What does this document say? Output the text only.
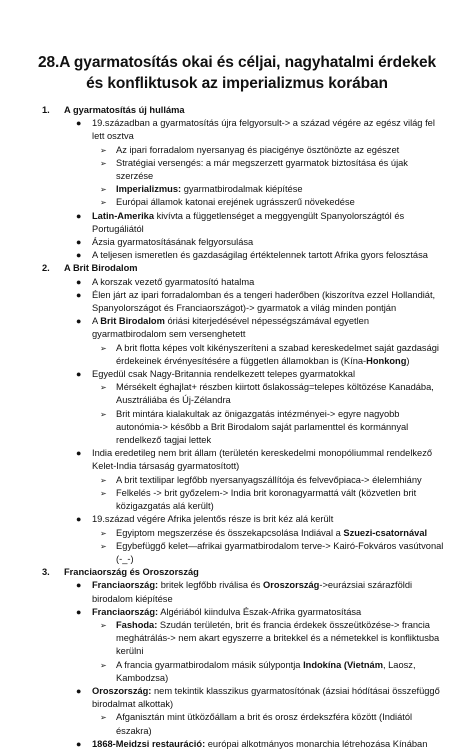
28.A gyarmatosítás okai és céljai, nagyhatalmi érdekek és konfliktusok az imperializmus korában
1.	A gyarmatosítás új hulláma
●	19.században a gyarmatosítás újra felgyorsult-> a század végére az egész világ fel lett osztva
➢ Az ipari forradalom nyersanyag és piacigénye ösztönözte az egészet
➢ Stratégiai versengés: a már megszerzett gyarmatok biztosítása és újak szerzése
➢ Imperializmus: gyarmatbirodalmak kiépítése
➢ Európai államok katonai erejének ugrásszerű növekedése
●	Latin-Amerika kivívta a függetlenséget a meggyengült Spanyolországtól és Portugáliától
●	Ázsia gyarmatosításának felgyorsulása
●	A teljesen ismeretlen és gazdaságilag értéktelennek tartott Afrika gyors felosztása
2.	A Brit Birodalom
●	A korszak vezető gyarmatosító hatalma
●	Élen járt az ipari forradalomban és a tengeri haderőben (kiszorítva ezzel Hollandiát, Spanyolországot és Franciaországot)-> gyarmatok a világ minden pontján
●	A Brit Birodalom óriási kiterjedésével népességszámával egyetlen gyarmatbirodalom sem versenghetett
➢ A brit flotta képes volt kikényszeríteni a szabad kereskedelmet saját gazdasági érdekeinek érvényesítésére a független államokban is (Kína-Honkong)
●	Egyedül csak Nagy-Britannia rendelkezett telepes gyarmatokkal
➢ Mérsékelt éghajlat+ részben kiirtott őslakosság=telepes költözése Kanadába, Ausztráliába és Új-Zélandra
➢ Brit mintára kialakultak az önigazgatás intézményei-> egyre nagyobb autonómia-> később a Brit Birodalom saját parlamenttel és kormánnyal rendelkező tagjai lettek
●	India eredetileg nem brit állam (területén kereskedelmi monopóliummal rendelkező Kelet-India társaság gyarmatosított)
➢ A brit textilipar legfőbb nyersanyagszállítója és felvevőpiaca-> élelemhiány
➢ Felkelés -> brit győzelem-> India brit koronagyarmattá vált (közvetlen brit közigazgatás alá került)
●	19.század végére Afrika jelentős része is brit kéz alá került
➢ Egyiptom megszerzése és összekapcsolása Indiával a Szuezi-csatornával
➢ Egybefüggő kelet—afrikai gyarmatbirodalom terve-> Kairó-Fokváros vasútvonal (-_-)
3.	Franciaország és Oroszország
●	Franciaország: britek legfőbb riválisa és Oroszország->eurázsiai szárazföldi birodalom kiépítése
●	Franciaország: Algériából kiindulva Észak-Afrika gyarmatosítása
➢ Fashoda: Szudán területén, brit és francia érdekek összeütközése-> francia meghátrálás-> nem akart egyszerre a britekkel és a németekkel is konfliktusba kerülni
➢ A francia gyarmatbirodalom másik súlypontja Indokína (Vietnám, Laosz, Kambodzsa)
●	Oroszország: nem tekintik klasszikus gyarmatosítónak (ázsiai hódításai összefüggő birodalmat alkottak)
➢ Afganisztán mint ütközőállam a brit és orosz érdekszféra között (Indiától északra)
●	1868-Meidzsi restauráció: európai alkotmányos monarchia létrehozása Kínában
